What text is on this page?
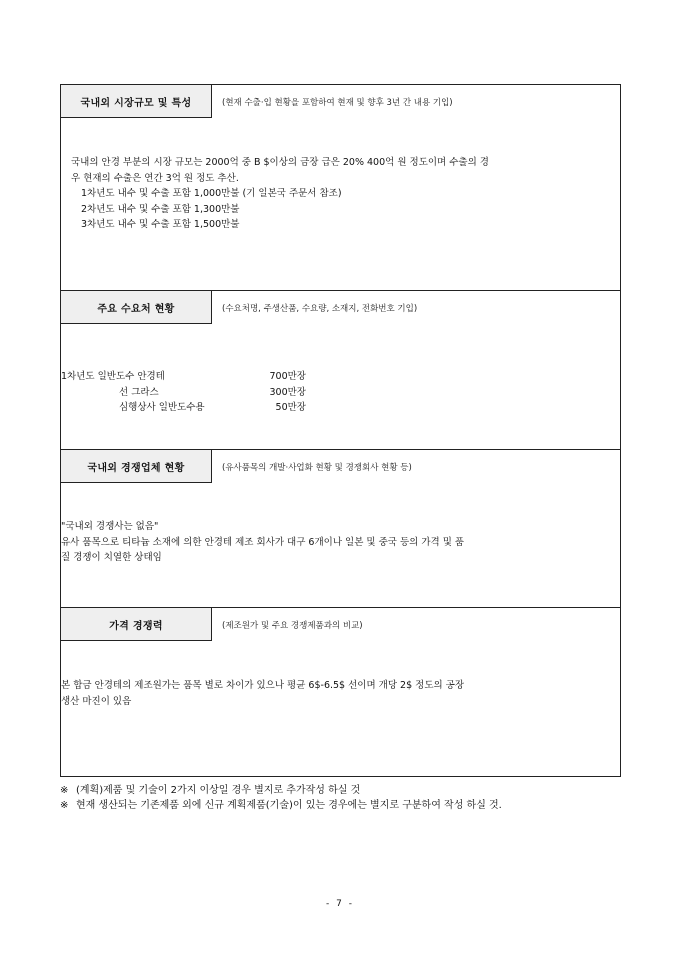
국내외 시장규모 및 특성	(현재 수출·입 현황을 포함하여 현재 및 향후 3년 간 내용 기입)
국내의 안경 부분의 시장 규모는 2000억 중 B $이상의 금장 급은 20% 400억 원 정도이며 수출의 경
우 현재의 수출은 연간 3억 원 정도 추산.
1차년도 내수 및 수출 포함 1,000만불 (기 일본국 주문서 참조)
2차년도 내수 및 수출 포함 1,300만불
3차년도 내수 및 수출 포함 1,500만불
주요 수요처 현황	(수요처명, 주생산품, 수요량, 소재지, 전화번호 기입)
1차년도 일반도수 안경테	700만장
선 그라스	300만장
심행상사 일반도수용	50만장
국내외 경쟁업체 현황	(유사품목의 개발·사업화 현황 및 경쟁회사 현황 등)
"국내외 경쟁사는 없음"
유사 품목으로 티타늄 소재에 의한 안경테 제조 회사가 대구 6개이나 일본 및 중국 등의 가격 및 품
질 경쟁이 치열한 상태임
가격 경쟁력	(제조원가 및 주요 경쟁제품과의 비교)
본 합금 안경테의 제조원가는 품목 별로 차이가 있으나 평균 6$-6.5$ 선이며 개당 2$ 정도의 공장
생산 마진이 있음
※ (계획)제품 및 기술이 2가지 이상일 경우 별지로 추가작성 하실 것
※ 현재 생산되는 기존제품 외에 신규 계획제품(기술)이 있는 경우에는 별지로 구분하여 작성 하실 것.
- 7 -
